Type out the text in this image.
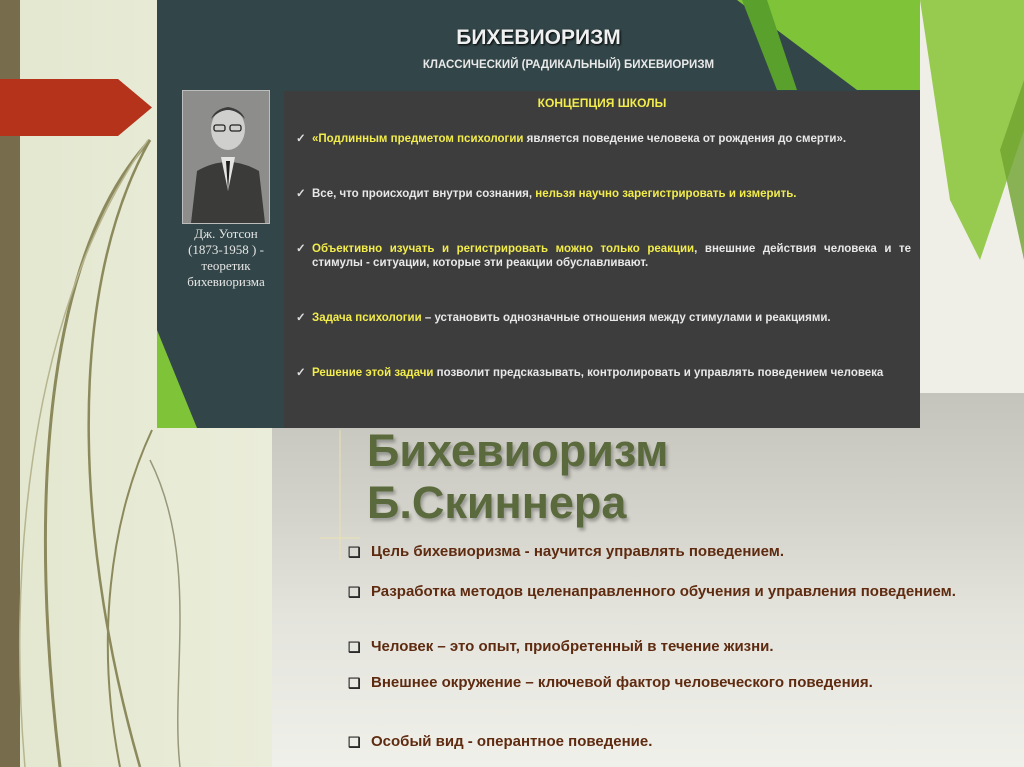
БИХЕВИОРИЗМ
КЛАССИЧЕСКИЙ (РАДИКАЛЬНЫЙ) БИХЕВИОРИЗМ
Дж. Уотсон
(1873-1958 ) -
теоретик
бихевиоризма
КОНЦЕПЦИЯ ШКОЛЫ
✓ «Подлинным предметом психологии является поведение человека от рождения до смерти».
✓ Все, что происходит внутри сознания, нельзя научно зарегистрировать и измерить.
✓ Объективно изучать и регистрировать можно только реакции, внешние действия человека и те стимулы - ситуации, которые эти реакции обуславливают.
✓ Задача психологии – установить однозначные отношения между стимулами и реакциями.
✓ Решение этой задачи позволит предсказывать, контролировать и управлять поведением человека
Бихевиоризм
Б.Скиннера
❑ Цель бихевиоризма - научится управлять поведением.
❑ Разработка методов целенаправленного обучения и управления поведением.
❑ Человек – это опыт, приобретенный в течение жизни.
❑ Внешнее окружение – ключевой фактор человеческого поведения.
❑ Особый вид - оперантное поведение.
